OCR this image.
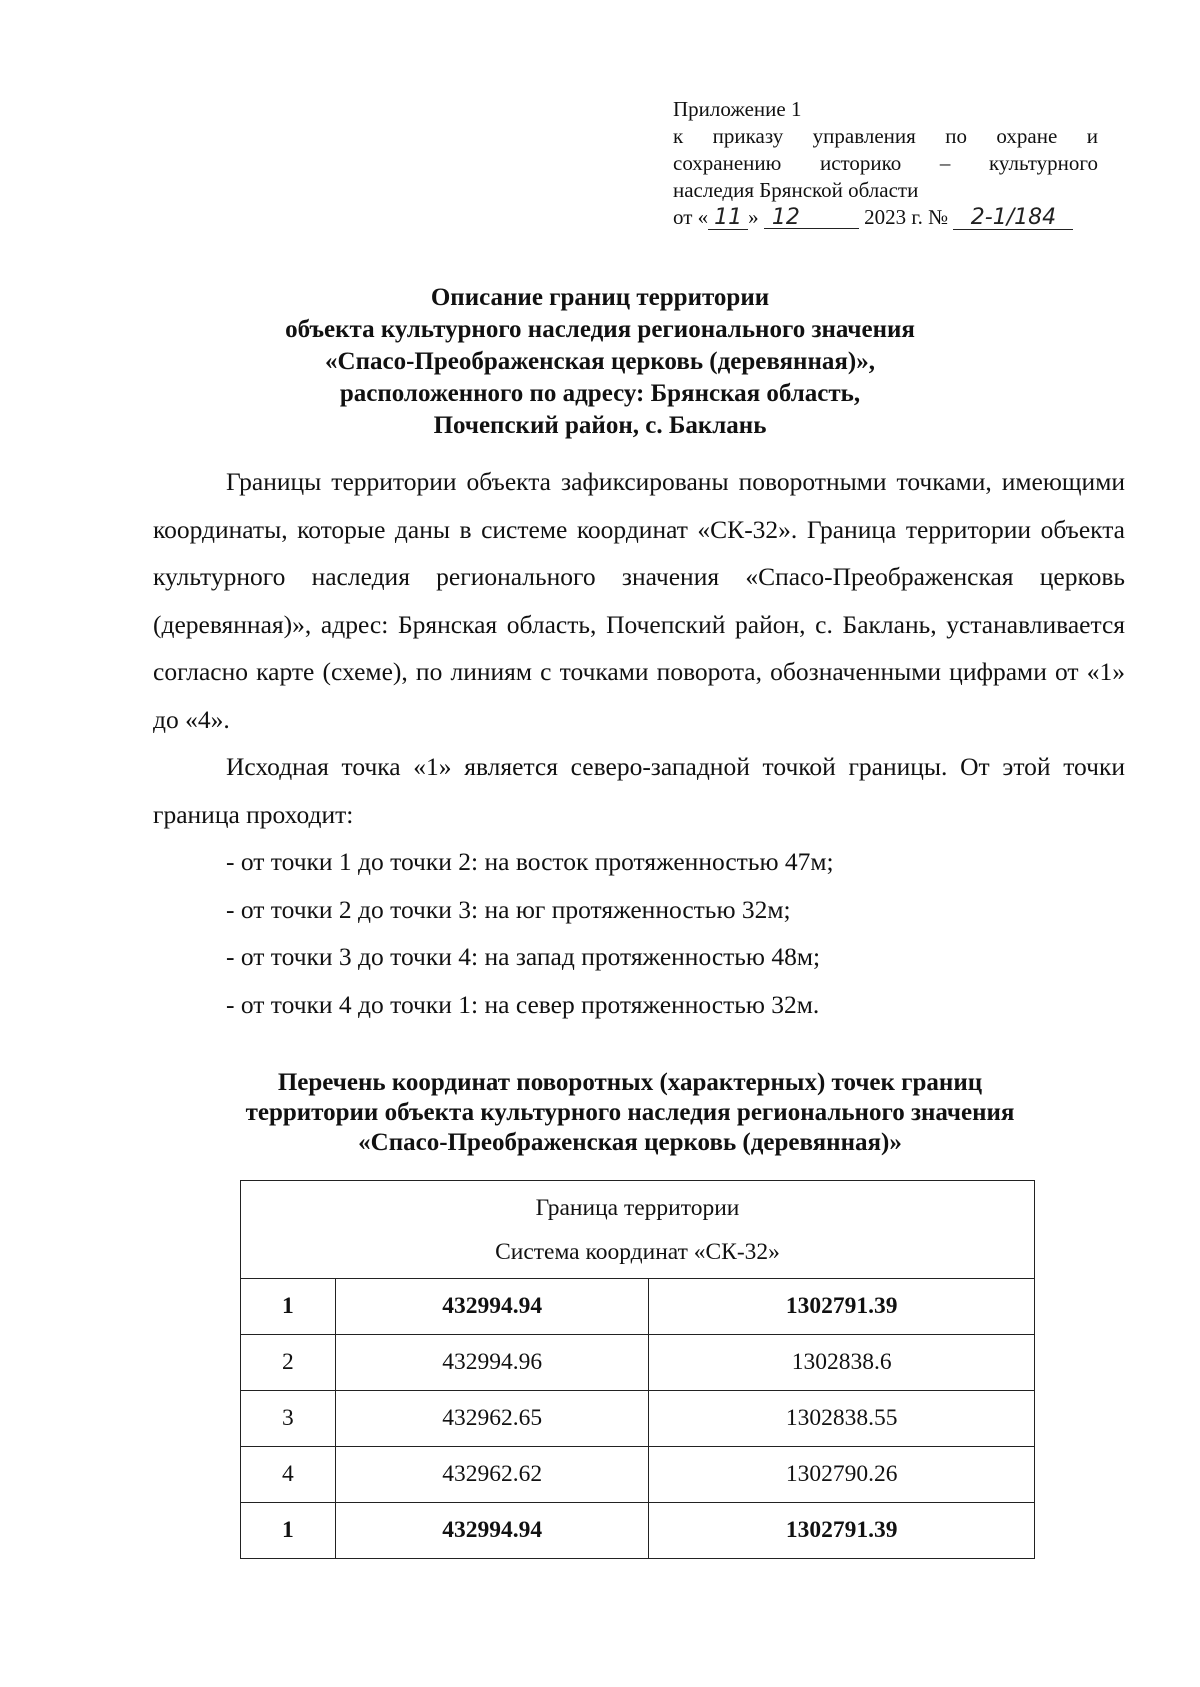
Приложение 1
к приказу управления по охране и
сохранению историко – культурного
наследия Брянской области
от « 11 » 12	2023 г. № 2-1/184
Описание границ территории
объекта культурного наследия регионального значения
«Спасо-Преображенская церковь (деревянная)»,
расположенного по адресу: Брянская область,
Почепский район, с. Баклань

Границы территории объекта зафиксированы поворотными точками, имеющими координаты, которые даны в системе координат «СК-32». Граница территории объекта культурного наследия регионального значения «Спасо-Преображенская церковь (деревянная)», адрес: Брянская область, Почепский район, с. Баклань, устанавливается согласно карте (схеме), по линиям с точками поворота, обозначенными цифрами от «1» до «4».

Исходная точка «1» является северо-западной точкой границы. От этой точки граница проходит:

- от точки 1 до точки 2: на восток протяженностью 47м;

- от точки 2 до точки 3: на юг протяженностью 32м;

- от точки 3 до точки 4: на запад протяженностью 48м;

- от точки 4 до точки 1: на север протяженностью 32м.

Перечень координат поворотных (характерных) точек границ
территории объекта культурного наследия регионального значения
«Спасо-Преображенская церковь (деревянная)»
Граница территории
Система координат «СК-32»		

1	432994.94	1302791.39
2	432994.96	1302838.6
3	432962.65	1302838.55
4	432962.62	1302790.26
1	432994.94	1302791.39
